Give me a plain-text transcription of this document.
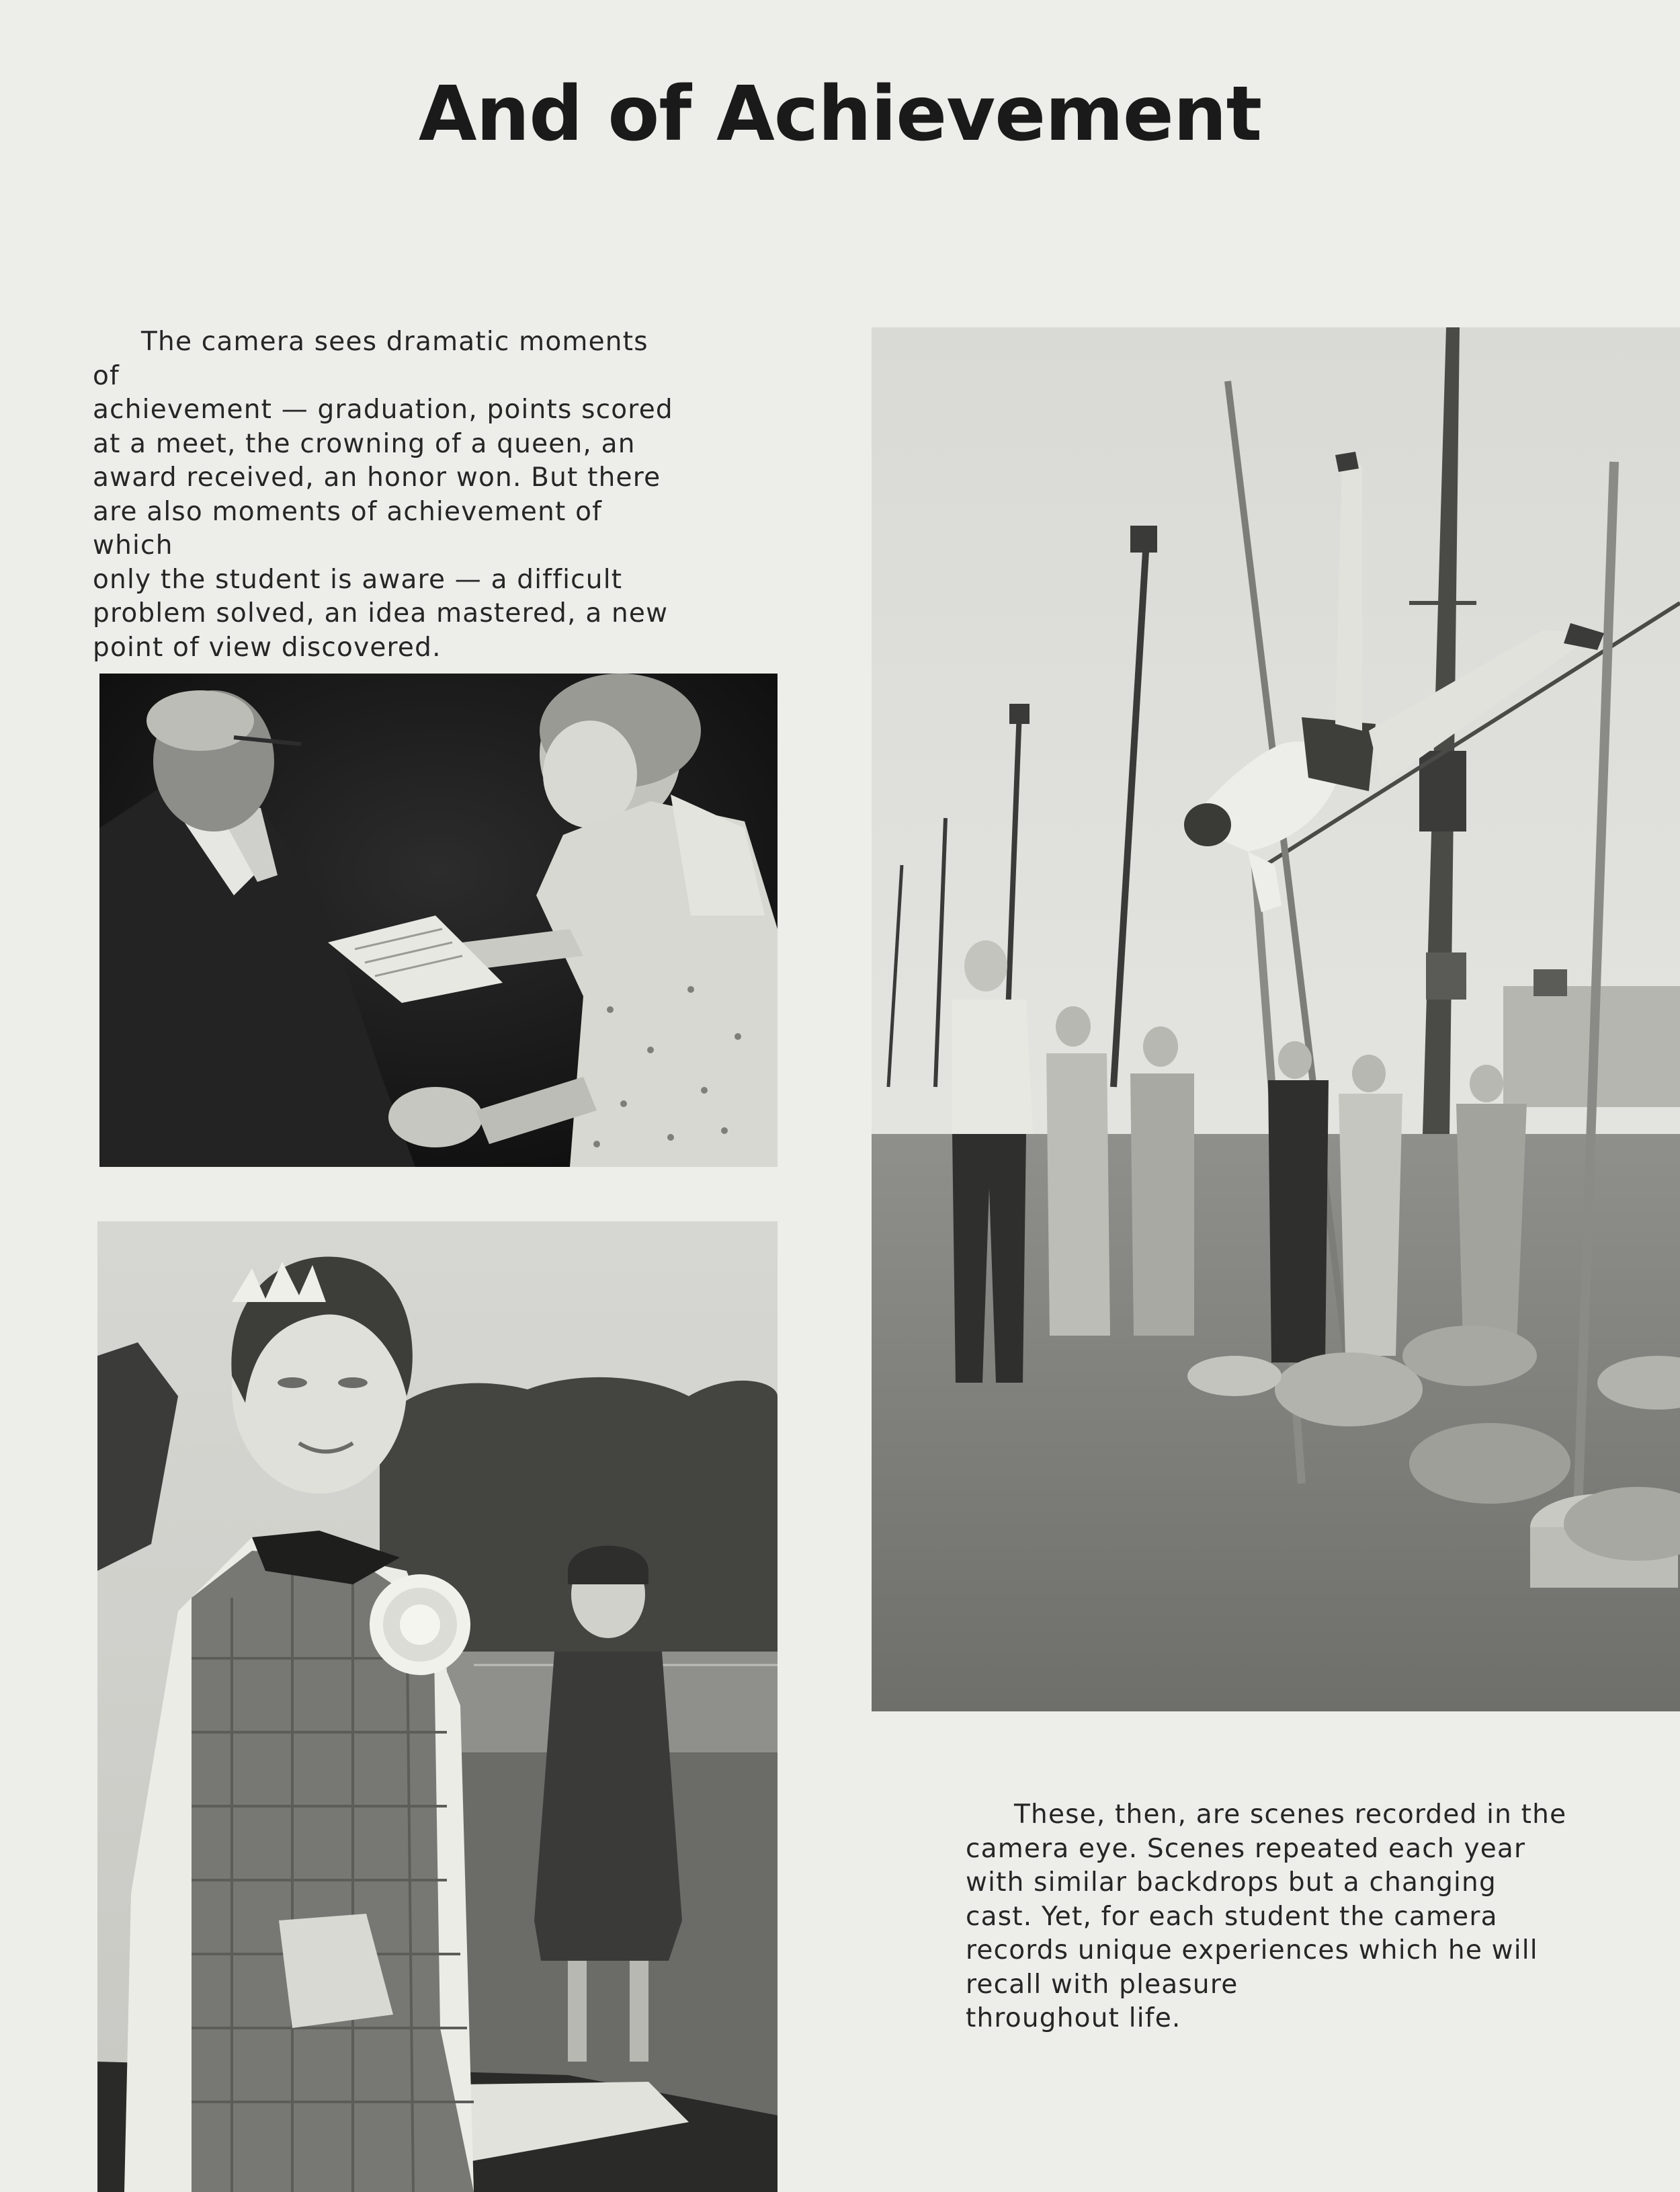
And of Achievement

The camera sees dramatic moments of

achievement — graduation, points scored

at a meet, the crowning of a queen, an

award received, an honor won. But there

are also moments of achievement of which

only the student is aware — a difficult

problem solved, an idea mastered, a new

point of view discovered.

These, then, are scenes recorded in the

camera eye. Scenes repeated each year

with similar backdrops but a changing

cast. Yet, for each student the camera

records unique experiences which he will

recall with pleasure

throughout life.
